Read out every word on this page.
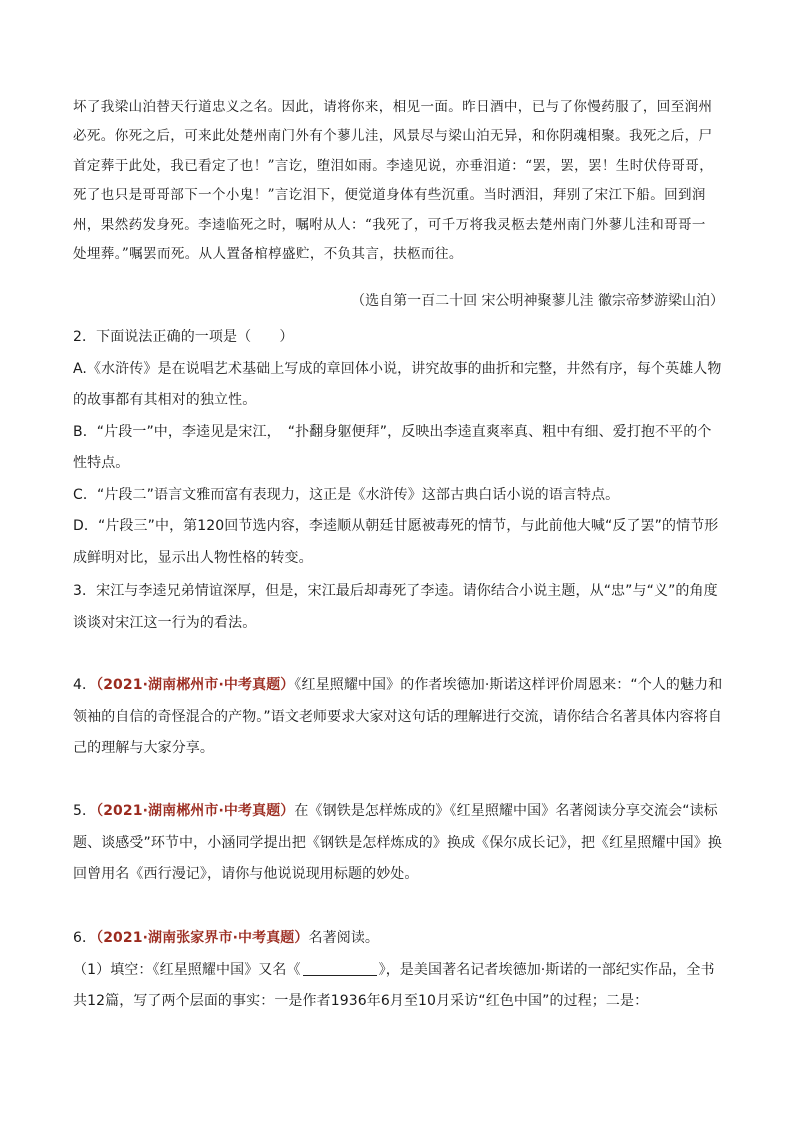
坏了我梁山泊替天行道忠义之名。因此，请将你来，相见一面。昨日酒中，已与了你慢药服了，回至润州

必死。你死之后，可来此处楚州南门外有个蓼儿洼，风景尽与梁山泊无异，和你阴魂相聚。我死之后，尸

首定葬于此处，我已看定了也！”言讫，堕泪如雨。李逵见说，亦垂泪道：“罢，罢，罢！生时伏侍哥哥，

死了也只是哥哥部下一个小鬼！”言讫泪下，便觉道身体有些沉重。当时洒泪，拜别了宋江下船。回到润

州，果然药发身死。李逵临死之时，嘱咐从人：“我死了，可千万将我灵柩去楚州南门外蓼儿洼和哥哥一

处埋葬。”嘱罢而死。从人置备棺椁盛贮，不负其言，扶柩而往。

（选自第一百二十回 宋公明神聚蓼儿洼 徽宗帝梦游梁山泊）

2．下面说法正确的一项是（　　）

A.《水浒传》是在说唱艺术基础上写成的章回体小说，讲究故事的曲折和完整，井然有序，每个英雄人物的故事都有其相对的独立性。

B．“片段一”中，李逵见是宋江，　“扑翻身躯便拜”，反映出李逵直爽率真、粗中有细、爱打抱不平的个性特点。

C．“片段二”语言文雅而富有表现力，这正是《水浒传》这部古典白话小说的语言特点。

D．“片段三”中，第120回节选内容，李逵顺从朝廷甘愿被毒死的情节，与此前他大喊“反了罢”的情节形成鲜明对比，显示出人物性格的转变。

3．宋江与李逵兄弟情谊深厚，但是，宋江最后却毒死了李逵。请你结合小说主题，从“忠”与“义”的角度谈谈对宋江这一行为的看法。

4．（2021·湖南郴州市·中考真题）《红星照耀中国》的作者埃德加·斯诺这样评价周恩来：“个人的魅力和领袖的自信的奇怪混合的产物。”语文老师要求大家对这句话的理解进行交流，请你结合名著具体内容将自己的理解与大家分享。

5．（2021·湖南郴州市·中考真题）在《钢铁是怎样炼成的》《红星照耀中国》名著阅读分享交流会“读标题、谈感受”环节中，小涵同学提出把《钢铁是怎样炼成的》换成《保尔成长记》，把《红星照耀中国》换回曾用名《西行漫记》，请你与他说说现用标题的妙处。

6．（2021·湖南张家界市·中考真题）名著阅读。

（1）填空：《红星照耀中国》又名《	》，是美国著名记者埃德加·斯诺的一部纪实作品，全书共12篇，写了两个层面的事实：一是作者1936年6月至10月采访“红色中国”的过程；二是：
